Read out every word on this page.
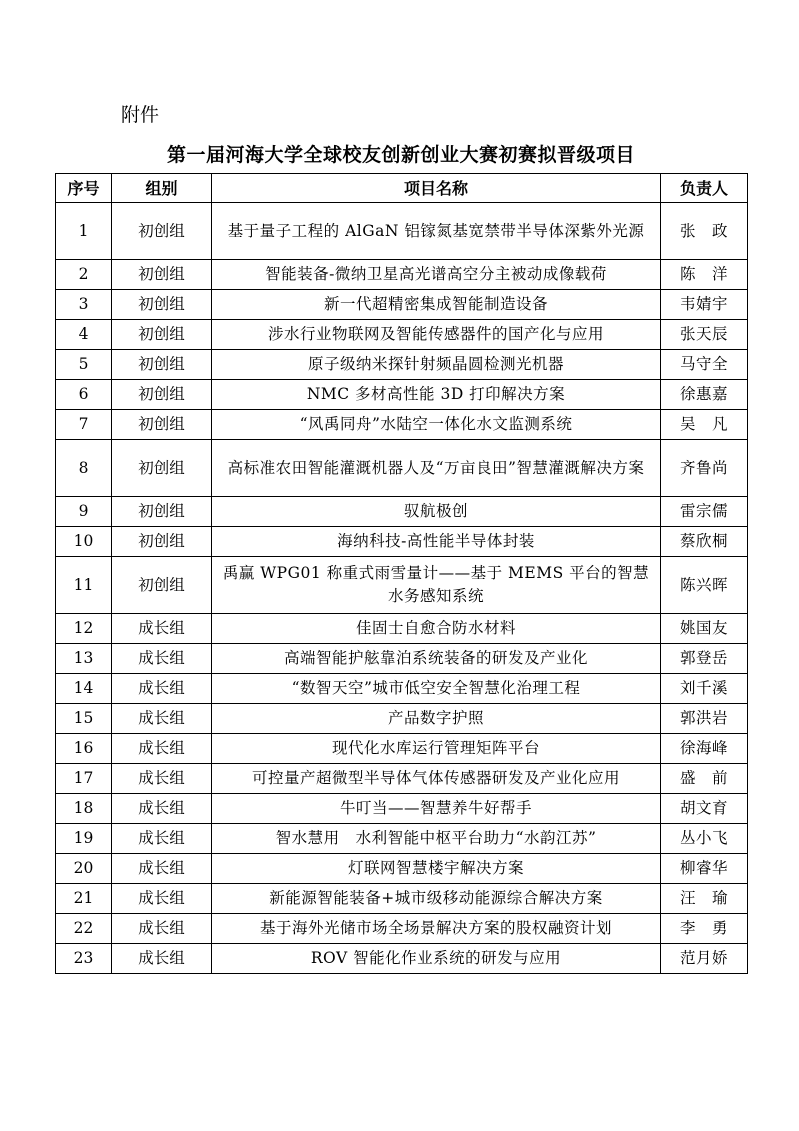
附件
第一届河海大学全球校友创新创业大赛初赛拟晋级项目
序号	组别	项目名称	负责人
1	初创组	基于量子工程的 AlGaN 铝镓氮基宽禁带半导体深紫外光源	张　政
2	初创组	智能装备-微纳卫星高光谱高空分主被动成像载荷	陈　洋
3	初创组	新一代超精密集成智能制造设备	韦婧宇
4	初创组	涉水行业物联网及智能传感器件的国产化与应用	张天辰
5	初创组	原子级纳米探针射频晶圆检测光机器	马守全
6	初创组	NMC 多材高性能 3D 打印解决方案	徐惠嘉
7	初创组	“风禹同舟”水陆空一体化水文监测系统	吴　凡
8	初创组	高标准农田智能灌溉机器人及“万亩良田”智慧灌溉解决方案	齐鲁尚
9	初创组	驭航极创	雷宗儒
10	初创组	海纳科技-高性能半导体封装	蔡欣桐
11	初创组	禹赢 WPG01 称重式雨雪量计——基于 MEMS 平台的智慧水务感知系统	陈兴晖
12	成长组	佳固士自愈合防水材料	姚国友
13	成长组	高端智能护舷靠泊系统装备的研发及产业化	郭登岳
14	成长组	“数智天空”城市低空安全智慧化治理工程	刘千溪
15	成长组	产品数字护照	郭洪岩
16	成长组	现代化水库运行管理矩阵平台	徐海峰
17	成长组	可控量产超微型半导体气体传感器研发及产业化应用	盛　前
18	成长组	牛叮当——智慧养牛好帮手	胡文育
19	成长组	智水慧用　水利智能中枢平台助力“水韵江苏”	丛小飞
20	成长组	灯联网智慧楼宇解决方案	柳睿华
21	成长组	新能源智能装备+城市级移动能源综合解决方案	汪　瑜
22	成长组	基于海外光储市场全场景解决方案的股权融资计划	李　勇
23	成长组	ROV 智能化作业系统的研发与应用	范月娇
